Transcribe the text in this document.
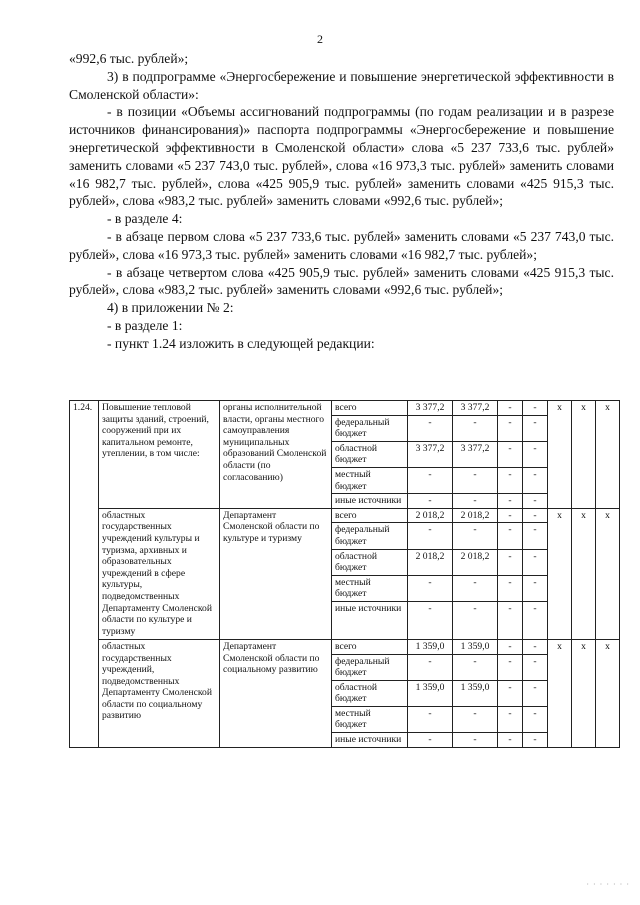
2

«992,6 тыс. рублей»;

3) в подпрограмме «Энергосбережение и повышение энергетической эффективности в Смоленской области»:

- в позиции «Объемы ассигнований подпрограммы (по годам реализации и в разрезе источников финансирования)» паспорта подпрограммы «Энергосбережение и повышение энергетической эффективности в Смоленской области» слова «5 237 733,6 тыс. рублей» заменить словами «5 237 743,0 тыс. рублей», слова «16 973,3 тыс. рублей» заменить словами «16 982,7 тыс. рублей», слова «425 905,9 тыс. рублей» заменить словами «425 915,3 тыс. рублей», слова «983,2 тыс. рублей» заменить словами «992,6 тыс. рублей»;

- в разделе 4:

- в абзаце первом слова «5 237 733,6 тыс. рублей» заменить словами «5 237 743,0 тыс. рублей», слова «16 973,3 тыс. рублей» заменить словами «16 982,7 тыс. рублей»;

- в абзаце четвертом слова «425 905,9 тыс. рублей» заменить словами «425 915,3 тыс. рублей», слова «983,2 тыс. рублей» заменить словами «992,6 тыс. рублей»;

4) в приложении № 2:

- в разделе 1:

- пункт 1.24 изложить в следующей редакции:

1.24.	Повышение тепловой защиты зданий, строений, сооружений при их капитальном ремонте, утеплении, в том числе:	органы исполнительной власти, органы местного самоуправления муниципальных образований Смоленской области (по согласованию)	всего	3 377,2	3 377,2	-	-	х	х	х
			федеральный бюджет	-	-	-	-			
			областной бюджет	3 377,2	3 377,2	-	-			
			местный бюджет	-	-	-	-			
			иные источники	-	-	-	-			
	областных государственных учреждений культуры и туризма, архивных и образовательных учреждений в сфере культуры, подведомственных Департаменту Смоленской области по культуре и туризму	Департамент Смоленской области по культуре и туризму	всего	2 018,2	2 018,2	-	-	х	х	х
			федеральный бюджет	-	-	-	-			
			областной бюджет	2 018,2	2 018,2	-	-			
			местный бюджет	-	-	-	-			
			иные источники	-	-	-	-			
	областных государственных учреждений, подведомственных Департаменту Смоленской области по социальному развитию	Департамент Смоленской области по социальному развитию	всего	1 359,0	1 359,0	-	-	х	х	х
			федеральный бюджет	-	-	-	-			
			областной бюджет	1 359,0	1 359,0	-	-			
			местный бюджет	-	-	-	-			
			иные источники	-	-	-	-			
· · · · · · ·
